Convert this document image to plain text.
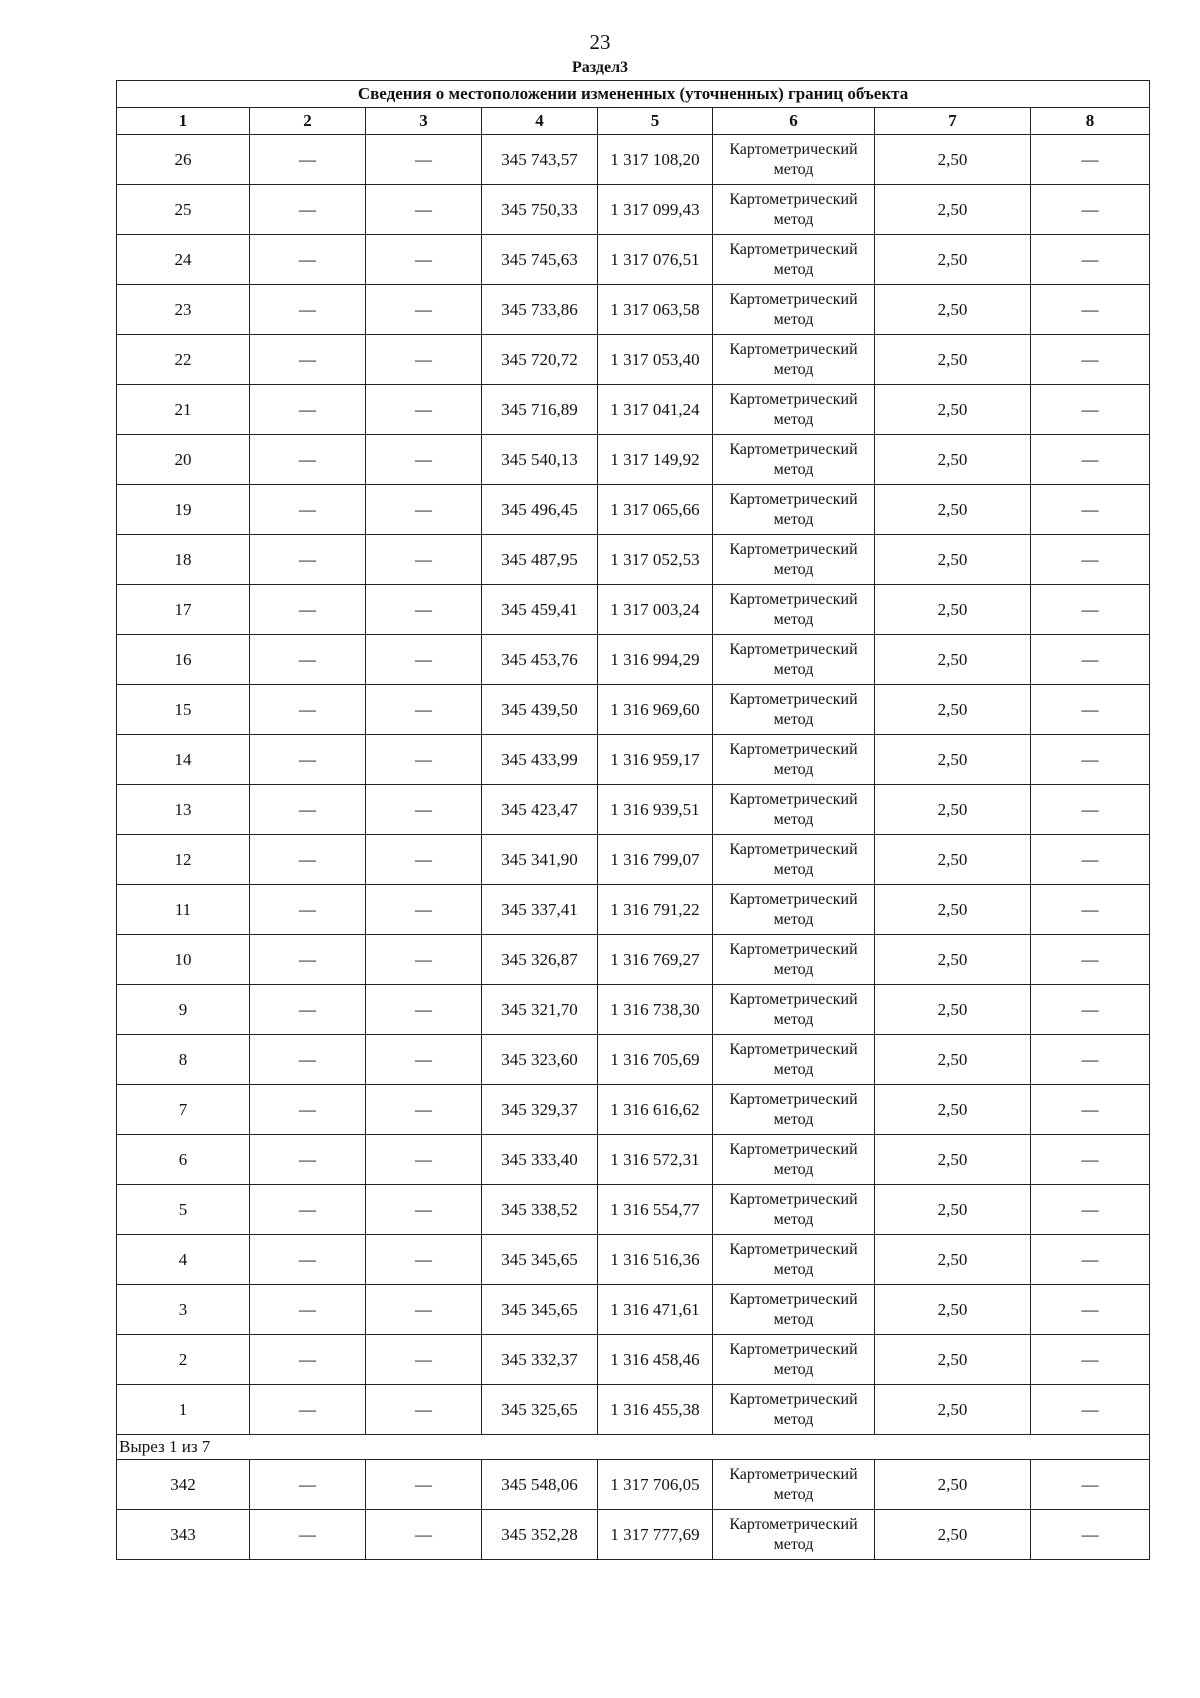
23
Раздел3
Сведения о местоположении измененных (уточненных) границ объекта							
1	2	3	4	5	6	7	8
26	—	—	345 743,57	1 317 108,20	Картометрический метод	2,50	—
25	—	—	345 750,33	1 317 099,43	Картометрический метод	2,50	—
24	—	—	345 745,63	1 317 076,51	Картометрический метод	2,50	—
23	—	—	345 733,86	1 317 063,58	Картометрический метод	2,50	—
22	—	—	345 720,72	1 317 053,40	Картометрический метод	2,50	—
21	—	—	345 716,89	1 317 041,24	Картометрический метод	2,50	—
20	—	—	345 540,13	1 317 149,92	Картометрический метод	2,50	—
19	—	—	345 496,45	1 317 065,66	Картометрический метод	2,50	—
18	—	—	345 487,95	1 317 052,53	Картометрический метод	2,50	—
17	—	—	345 459,41	1 317 003,24	Картометрический метод	2,50	—
16	—	—	345 453,76	1 316 994,29	Картометрический метод	2,50	—
15	—	—	345 439,50	1 316 969,60	Картометрический метод	2,50	—
14	—	—	345 433,99	1 316 959,17	Картометрический метод	2,50	—
13	—	—	345 423,47	1 316 939,51	Картометрический метод	2,50	—
12	—	—	345 341,90	1 316 799,07	Картометрический метод	2,50	—
11	—	—	345 337,41	1 316 791,22	Картометрический метод	2,50	—
10	—	—	345 326,87	1 316 769,27	Картометрический метод	2,50	—
9	—	—	345 321,70	1 316 738,30	Картометрический метод	2,50	—
8	—	—	345 323,60	1 316 705,69	Картометрический метод	2,50	—
7	—	—	345 329,37	1 316 616,62	Картометрический метод	2,50	—
6	—	—	345 333,40	1 316 572,31	Картометрический метод	2,50	—
5	—	—	345 338,52	1 316 554,77	Картометрический метод	2,50	—
4	—	—	345 345,65	1 316 516,36	Картометрический метод	2,50	—
3	—	—	345 345,65	1 316 471,61	Картометрический метод	2,50	—
2	—	—	345 332,37	1 316 458,46	Картометрический метод	2,50	—
1	—	—	345 325,65	1 316 455,38	Картометрический метод	2,50	—
Вырез 1 из 7							
342	—	—	345 548,06	1 317 706,05	Картометрический метод	2,50	—
343	—	—	345 352,28	1 317 777,69	Картометрический метод	2,50	—
